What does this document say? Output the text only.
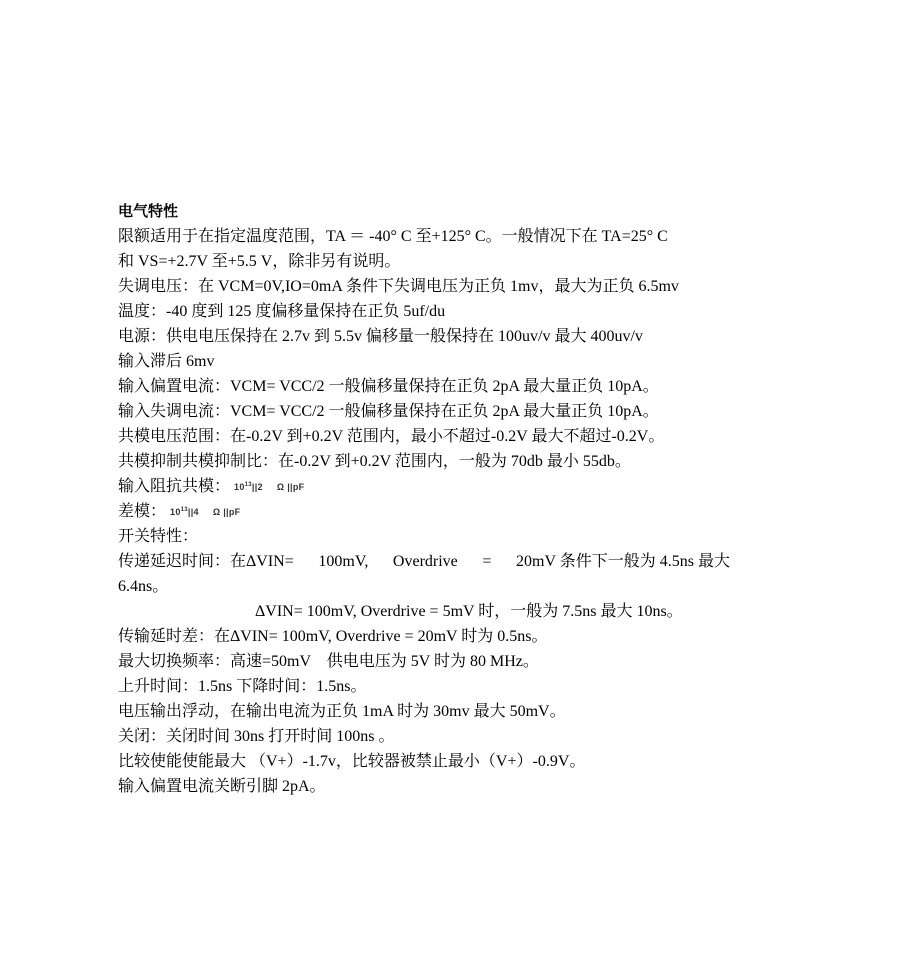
电气特性
限额适用于在指定温度范围，TA ＝ -40° C 至+125° C。一般情况下在 TA=25° C
和 VS=+2.7V 至+5.5 V，除非另有说明。
失调电压：在 VCM=0V,IO=0mA 条件下失调电压为正负 1mv，最大为正负 6.5mv
温度：-40 度到 125 度偏移量保持在正负 5uf/du
电源：供电电压保持在 2.7v 到 5.5v 偏移量一般保持在 100uv/v 最大 400uv/v
输入滞后 6mv
输入偏置电流：VCM= VCC/2 一般偏移量保持在正负 2pA 最大量正负 10pA。
输入失调电流：VCM= VCC/2 一般偏移量保持在正负 2pA 最大量正负 10pA。
共模电压范围：在-0.2V 到+0.2V 范围内，最小不超过-0.2V 最大不超过-0.2V。
共模抑制共模抑制比：在-0.2V 到+0.2V 范围内，一般为 70db 最小 55db。
输入阻抗共模： $10^{13}||2$ Ω ||pF
差模： $10^{13}||4$ Ω ||pF
开关特性：
传递延迟时间：在ΔVIN= 100mV, Overdrive = 20mV 条件下一般为 4.5ns 最大
6.4ns。
ΔVIN= 100mV, Overdrive = 5mV 时，一般为 7.5ns 最大 10ns。
传输延时差：在ΔVIN= 100mV, Overdrive = 20mV 时为 0.5ns。
最大切换频率：高速=50mV　供电电压为 5V 时为 80 MHz。
上升时间：1.5ns 下降时间：1.5ns。
电压输出浮动，在输出电流为正负 1mA 时为 30mv 最大 50mV。
关闭：关闭时间 30ns 打开时间 100ns 。
比较使能使能最大 （V+）-1.7v，比较器被禁止最小（V+）-0.9V。
输入偏置电流关断引脚 2pA。
